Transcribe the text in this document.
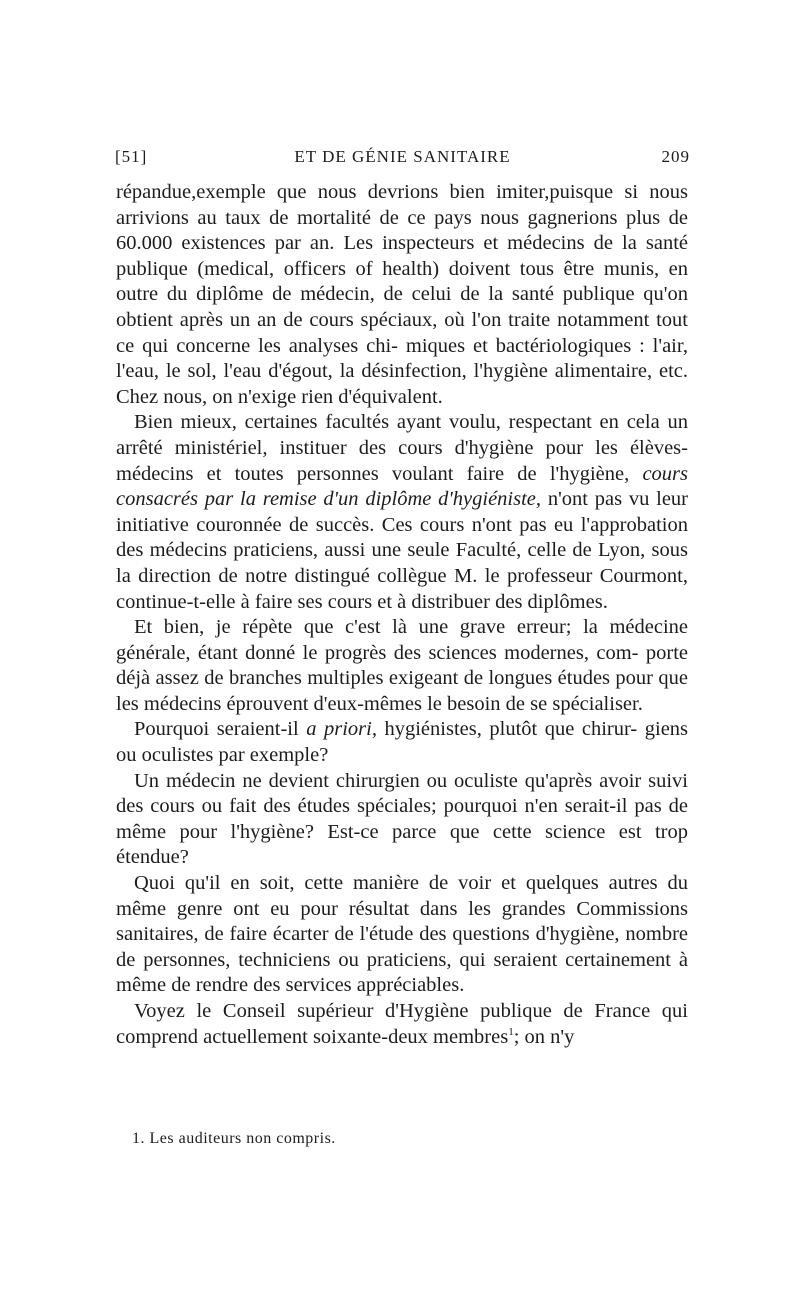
[51]	ET DE GÉNIE SANITAIRE	209

répandue,exemple que nous devrions bien imiter,puisque si nous arrivions au taux de mortalité de ce pays nous gagnerions plus de 60.000 existences par an. Les inspecteurs et médecins de la santé publique (medical, officers of health) doivent tous être munis, en outre du diplôme de médecin, de celui de la santé publique qu'on obtient après un an de cours spéciaux, où l'on traite notamment tout ce qui concerne les analyses chi- miques et bactériologiques : l'air, l'eau, le sol, l'eau d'égout, la désinfection, l'hygiène alimentaire, etc. Chez nous, on n'exige rien d'équivalent.

Bien mieux, certaines facultés ayant voulu, respectant en cela un arrêté ministériel, instituer des cours d'hygiène pour les élèves-médecins et toutes personnes voulant faire de l'hygiène, cours consacrés par la remise d'un diplôme d'hygiéniste, n'ont pas vu leur initiative couronnée de succès. Ces cours n'ont pas eu l'approbation des médecins praticiens, aussi une seule Faculté, celle de Lyon, sous la direction de notre distingué collègue M. le professeur Courmont, continue-t-elle à faire ses cours et à distribuer des diplômes.

Et bien, je répète que c'est là une grave erreur; la médecine générale, étant donné le progrès des sciences modernes, com- porte déjà assez de branches multiples exigeant de longues études pour que les médecins éprouvent d'eux-mêmes le besoin de se spécialiser.

Pourquoi seraient-il a priori, hygiénistes, plutôt que chirur- giens ou oculistes par exemple?

Un médecin ne devient chirurgien ou oculiste qu'après avoir suivi des cours ou fait des études spéciales; pourquoi n'en serait-il pas de même pour l'hygiène? Est-ce parce que cette science est trop étendue?

Quoi qu'il en soit, cette manière de voir et quelques autres du même genre ont eu pour résultat dans les grandes Commissions sanitaires, de faire écarter de l'étude des questions d'hygiène, nombre de personnes, techniciens ou praticiens, qui seraient certainement à même de rendre des services appréciables.

Voyez le Conseil supérieur d'Hygiène publique de France qui comprend actuellement soixante-deux membres$^1$; on n'y

1. Les auditeurs non compris.
